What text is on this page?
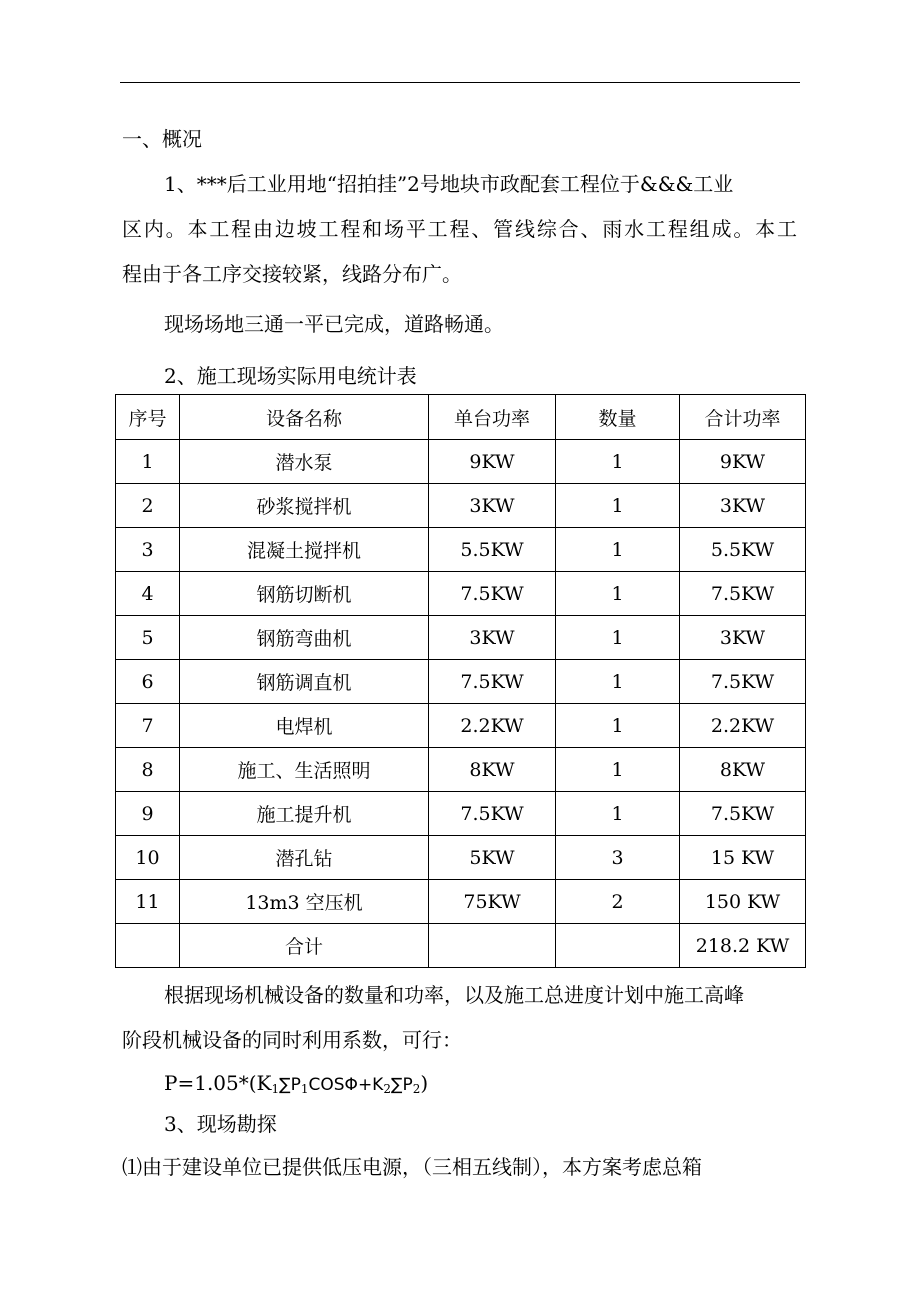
一、概况
1、***后工业用地“招拍挂”2号地块市政配套工程位于&&&工业
区内。本工程由边坡工程和场平工程、管线综合、雨水工程组成。本工
程由于各工序交接较紧，线路分布广。
现场场地三通一平已完成，道路畅通。
2、施工现场实际用电统计表
序号	设备名称	单台功率	数量	合计功率
1	潜水泵	9KW	1	9KW
2	砂浆搅拌机	3KW	1	3KW
3	混凝土搅拌机	5.5KW	1	5.5KW
4	钢筋切断机	7.5KW	1	7.5KW
5	钢筋弯曲机	3KW	1	3KW
6	钢筋调直机	7.5KW	1	7.5KW
7	电焊机	2.2KW	1	2.2KW
8	施工、生活照明	8KW	1	8KW
9	施工提升机	7.5KW	1	7.5KW
10	潜孔钻	5KW	3	15 KW
11	13m3 空压机	75KW	2	150 KW
	合计			218.2 KW
根据现场机械设备的数量和功率，以及施工总进度计划中施工高峰
阶段机械设备的同时利用系数，可行：
$P=1.05*(K_1\sum P_1COS\Phi+K_2\sum P_2)$
3、现场勘探
⑴由于建设单位已提供低压电源，（三相五线制），本方案考虑总箱
